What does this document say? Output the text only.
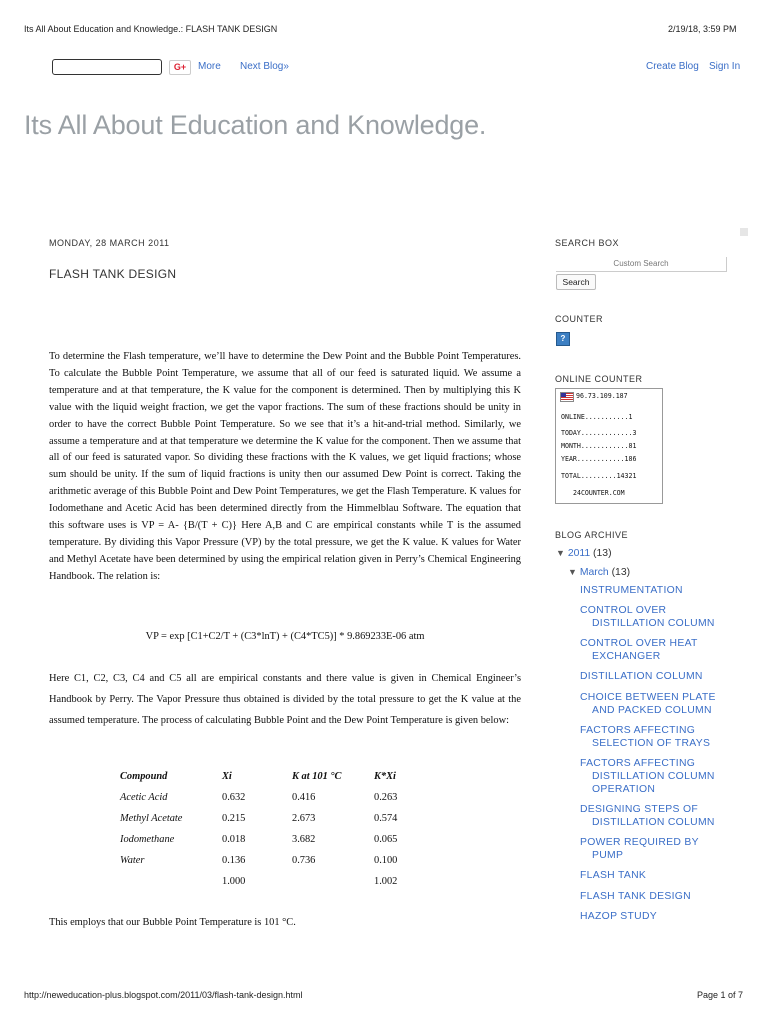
Its All About Education and Knowledge.: FLASH TANK DESIGN	2/19/18, 3:59 PM
G+	More Next Blog»	Create Blog Sign In
Its All About Education and Knowledge.
MONDAY, 28 MARCH 2011
FLASH TANK DESIGN
To determine the Flash temperature, we’ll have to determine the Dew Point and the Bubble Point Temperatures. To calculate the Bubble Point Temperature, we assume that all of our feed is saturated liquid. We assume a temperature and at that temperature, the K value for the component is determined. Then by multiplying this K value with the liquid weight fraction, we get the vapor fractions. The sum of these fractions should be unity in order to have the correct Bubble Point Temperature. So we see that it’s a hit-and-trial method. Similarly, we assume a temperature and at that temperature we determine the K value for the component. Then we assume that all of our feed is saturated vapor. So dividing these fractions with the K values, we get liquid fractions; whose sum should be unity. If the sum of liquid fractions is unity then our assumed Dew Point is correct. Taking the arithmetic average of this Bubble Point and Dew Point Temperatures, we get the Flash Temperature. K values for Iodomethane and Acetic Acid has been determined directly from the Himmelblau Software. The equation that this software uses is VP = A- {B/(T + C)} Here A,B and C are empirical constants while T is the assumed temperature. By dividing this Vapor Pressure (VP) by the total pressure, we get the K value. K values for Water and Methyl Acetate have been determined by using the empirical relation given in Perry’s Chemical Engineering Handbook. The relation is:
VP = exp [C1+C2/T + (C3*lnT) + (C4*TC5)] * 9.869233E-06 atm
Here C1, C2, C3, C4 and C5 all are empirical constants and there value is given in Chemical Engineer’s Handbook by Perry. The Vapor Pressure thus obtained is divided by the total pressure to get the K value at the assumed temperature. The process of calculating Bubble Point and the Dew Point Temperature is given below:
Compound	Xi	K at 101 °C	K*Xi
Acetic Acid	0.632	0.416	0.263
Methyl Acetate	0.215	2.673	0.574
Iodomethane	0.018	3.682	0.065
Water	0.136	0.736	0.100
	1.000		1.002
This employs that our Bubble Point Temperature is 101 °C.
SEARCH BOX
Custom Search
Search
COUNTER
?
ONLINE COUNTER
96.73.109.187
ONLINE...........1
TODAY.............3
MONTH............81
YEAR............186
TOTAL.........14321
24COUNTER.COM
BLOG ARCHIVE
▼ 2011 (13)
▼ March (13)
INSTRUMENTATION
CONTROL OVER
DISTILLATION COLUMN
CONTROL OVER HEAT
EXCHANGER
DISTILLATION COLUMN
CHOICE BETWEEN PLATE
AND PACKED COLUMN
FACTORS AFFECTING
SELECTION OF TRAYS
FACTORS AFFECTING
DISTILLATION COLUMN
OPERATION
DESIGNING STEPS OF
DISTILLATION COLUMN
POWER REQUIRED BY
PUMP
FLASH TANK
FLASH TANK DESIGN
HAZOP STUDY
http://neweducation-plus.blogspot.com/2011/03/flash-tank-design.html	Page 1 of 7
